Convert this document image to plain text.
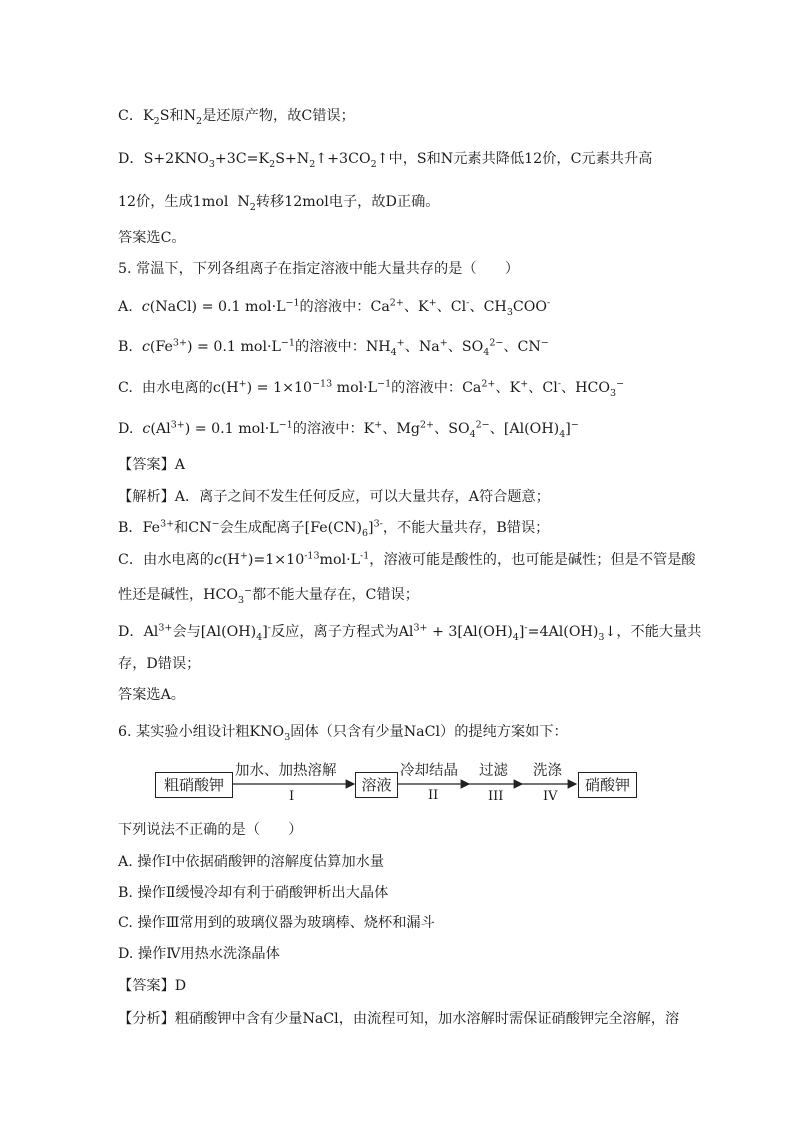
C．$K_2S$和$N_2$是还原产物，故C错误；
D．$S+2KNO_3+3C=K_2S+N_2↑+3CO_2↑$中，S和N元素共降低12价，C元素共升高
12价，生成1mol  $N_2$转移12mol电子，故D正确。
答案选C。
5. 常温下，下列各组离子在指定溶液中能大量共存的是（　　）
A.  c(NaCl) = 0.1 $mol\cdot L^{-1}$的溶液中：$Ca^{2+}$、K+、Cl-、$CH_3COO^-$
B.  $c(Fe^{3+}) = 0.1$ $mol\cdot L^{-1}$的溶液中：$NH_4^+$、Na+、$SO_4^{2-}$、CN−
C.  由水电离的$c(H^+) = 1\times 10^{-13}$ $mol\cdot L^{-1}$的溶液中：$Ca^{2+}$、K+、Cl-、$HCO_3^-$
D.  $c(Al^{3+}) = 0.1$ $mol\cdot L^{-1}$的溶液中：K+、$Mg^{2+}$、$SO_4^{2-}$、$[Al(OH)_4]^-$
【答案】A
【解析】A．离子之间不发生任何反应，可以大量共存，A符合题意；
B．$Fe^{3+}$和CN−会生成配离子$[Fe(CN)_6]^{3-}$，不能大量共存，B错误；
C．由水电离的$c(H^+)=1\times 10^{-13}mol\cdot L^{-1}$，溶液可能是酸性的，也可能是碱性；但是不管是酸
性还是碱性，$HCO_3^-$都不能大量存在，C错误；
D．$Al^{3+}$会与$[Al(OH)_4]^-$反应，离子方程式为$Al^{3+}$ + $3[Al(OH)_4]^-=4Al(OH)_3↓$，不能大量共
存，D错误；
答案选A。
6. 某实验小组设计粗$KNO_3$固体（只含有少量NaCl）的提纯方案如下：
粗硝酸钾	溶液	硝酸钾
加水、加热溶解
I
冷却结晶
II
过滤
III
洗涤
IV
下列说法不正确的是（　　）
A. 操作Ⅰ中依据硝酸钾的溶解度估算加水量
B. 操作Ⅱ缓慢冷却有利于硝酸钾析出大晶体
C. 操作Ⅲ常用到的玻璃仪器为玻璃棒、烧杯和漏斗
D. 操作Ⅳ用热水洗涤晶体
【答案】D
【分析】粗硝酸钾中含有少量NaCl，由流程可知，加水溶解时需保证硝酸钾完全溶解，溶
